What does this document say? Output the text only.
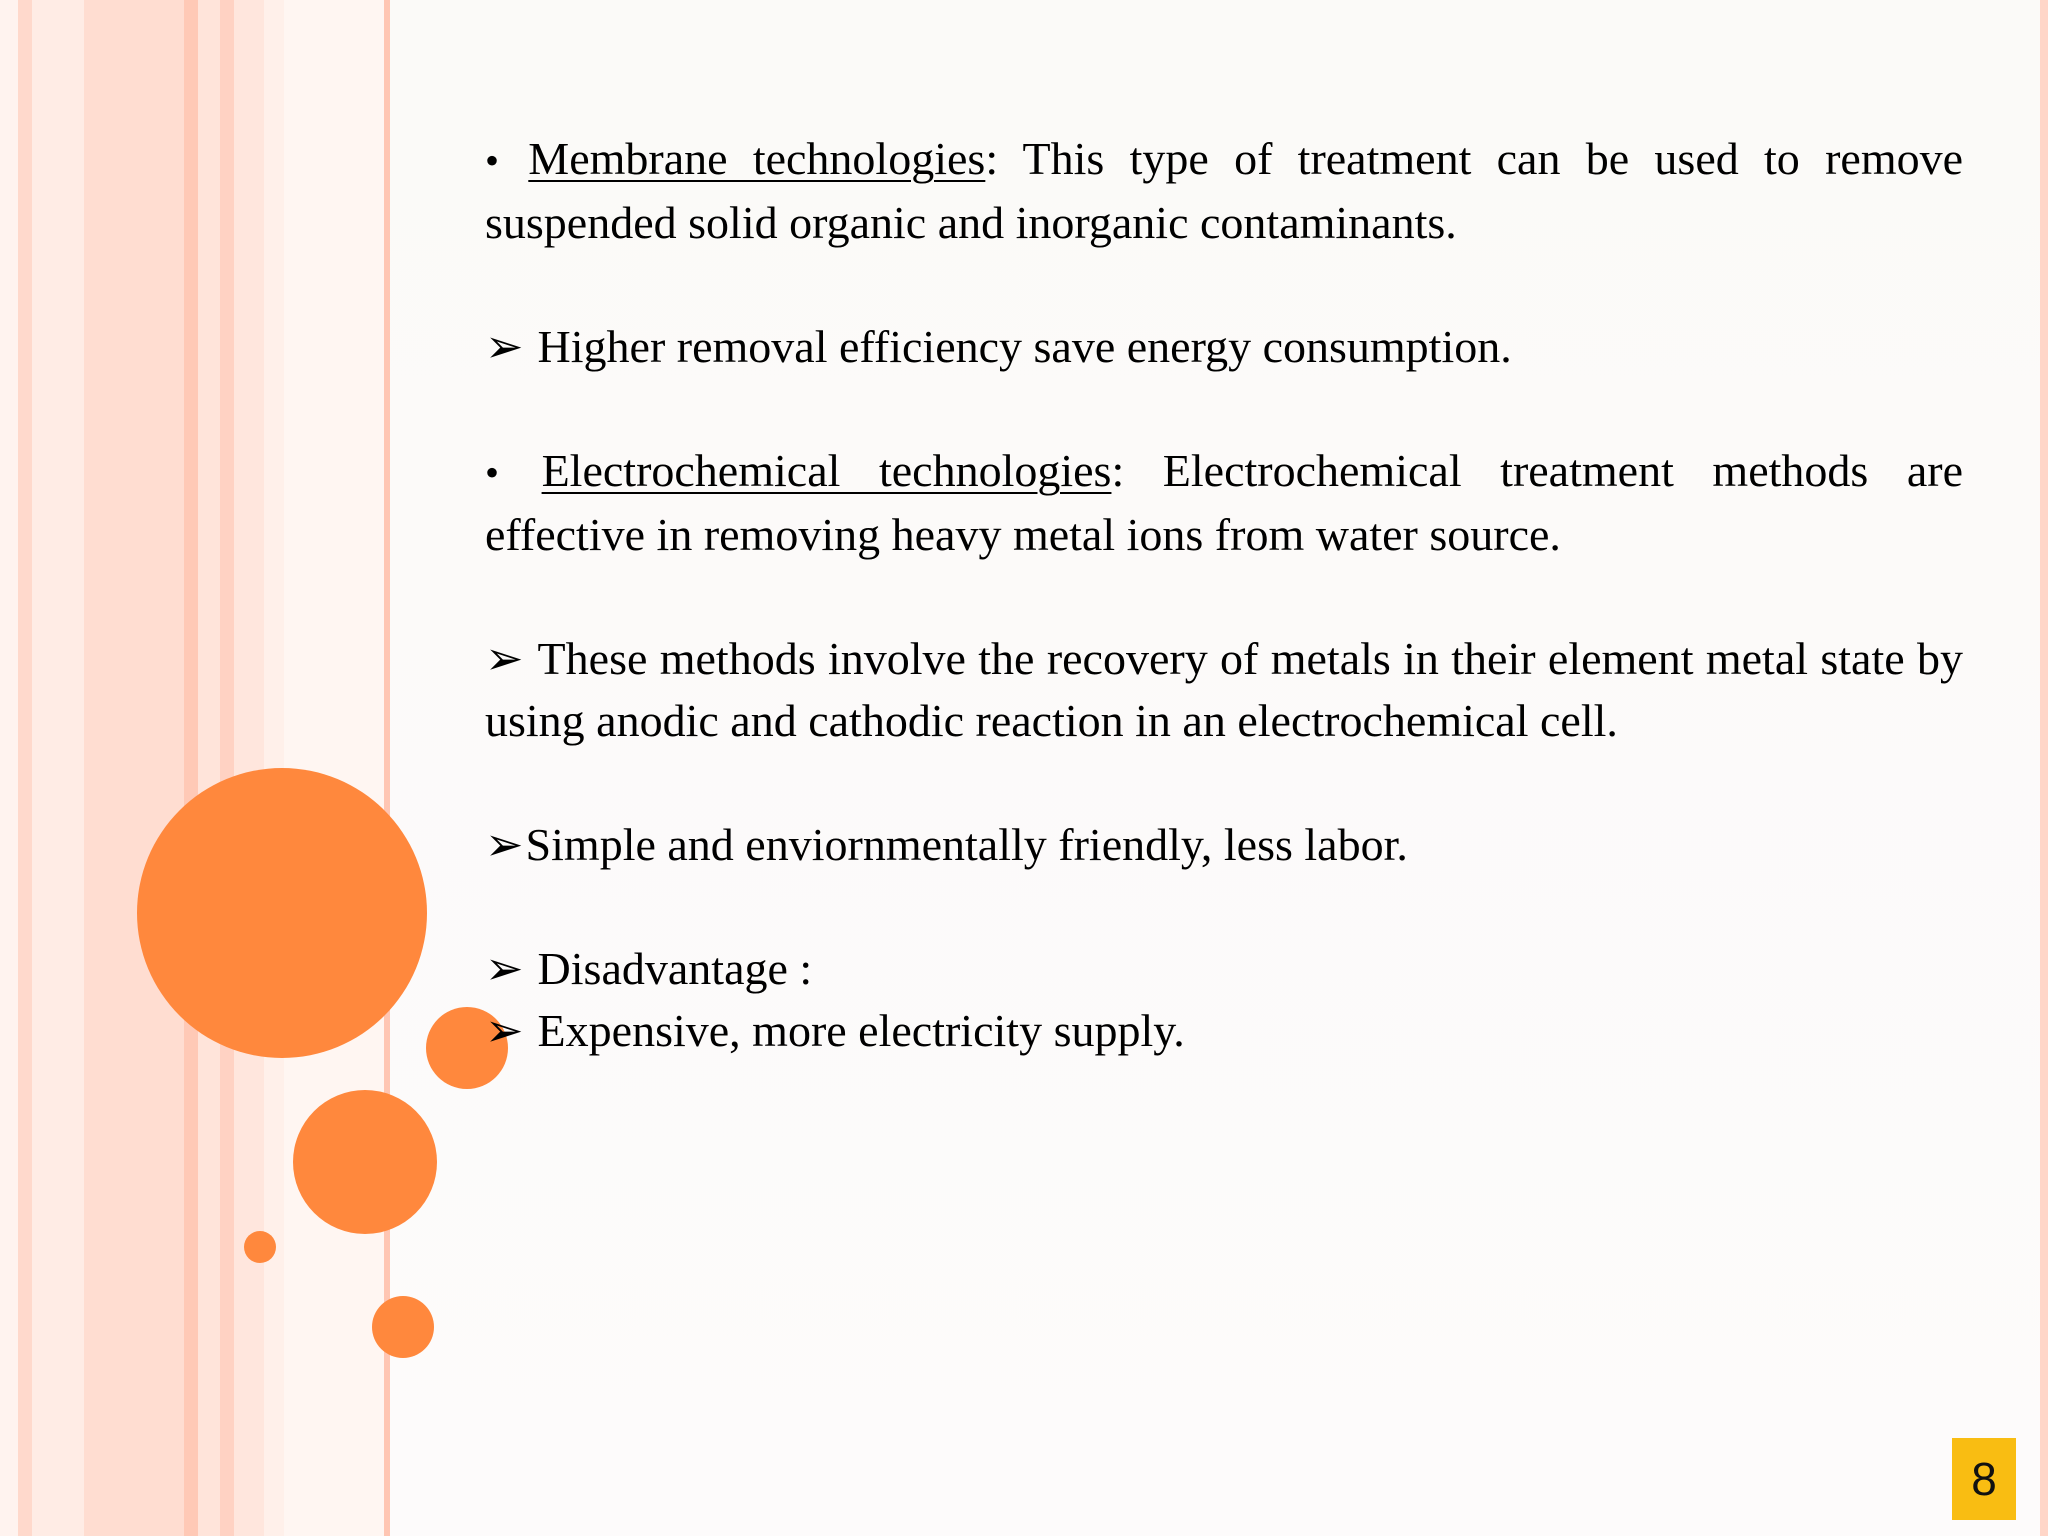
• Membrane technologies: This type of treatment can be used to remove suspended solid organic and inorganic contaminants.

➢ Higher removal efficiency save energy consumption.

• Electrochemical technologies: Electrochemical treatment methods are effective in removing heavy metal ions from water source.

➢ These methods involve the recovery of metals in their element metal state by using anodic and cathodic reaction in an electrochemical cell.

➢Simple and enviornmentally friendly, less labor.

➢ Disadvantage :

➢ Expensive, more electricity supply.

8
